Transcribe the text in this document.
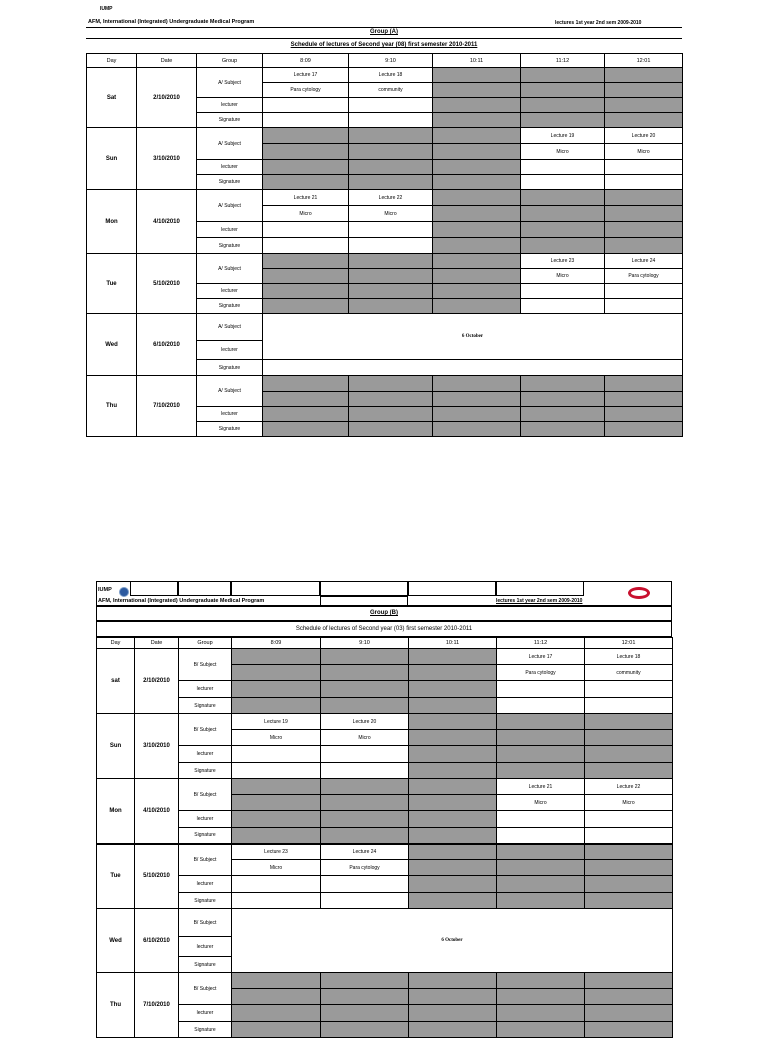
IUMP
AFM, International (Integrated) Undergraduate Medical Program	lectures 1st year 2nd sem 2009-2010
Group (A)
Schedule of lectures of Second year (08) first semester 2010-2011
Day	Date	Group	8:09	9:10	10:11	11:12	12:01
Sat	2/10/2010	A/ Subject	Lecture 17	Lecture 18			
			Para cytology	community			
		lecturer					
		Signature					
Sun	3/10/2010	A/ Subject				Lecture 19	Lecture 20
						Micro	Micro
		lecturer					
		Signature					
Mon	4/10/2010	A/ Subject	Lecture 21	Lecture 22			
			Micro	Micro			
		lecturer					
		Signature					
Tue	5/10/2010	A/ Subject				Lecture 23	Lecture 24
						Micro	Para cytology
		lecturer					
		Signature					
Wed	6/10/2010	A/ Subject	6 October				
		lecturer					
		Signature					
Thu	7/10/2010	A/ Subject					

		lecturer					
		Signature					
IUMP
AFM, International (Integrated) Undergraduate Medical Program	lectures 1st year 2nd sem 2009-2010
Group (B)
Schedule of lectures of Second year (03) first semester 2010-2011
Day	Date	Group	8:09	9:10	10:11	11:12	12:01
sat	2/10/2010	B/ Subject				Lecture 17	Lecture 18
						Para cytology	community
		lecturer					
		Signature					
Sun	3/10/2010	B/ Subject	Lecture 19	Lecture 20			
			Micro	Micro			
		lecturer					
		Signature					
Mon	4/10/2010	B/ Subject				Lecture 21	Lecture 22
						Micro	Micro
		lecturer					
		Signature					
Tue	5/10/2010	B/ Subject	Lecture 23	Lecture 24			
			Micro	Para cytology			
		lecturer					
		Signature					
Wed	6/10/2010	B/ Subject	6 October				
		lecturer					
		Signature					
Thu	7/10/2010	B/ Subject					

		lecturer					
		Signature					
